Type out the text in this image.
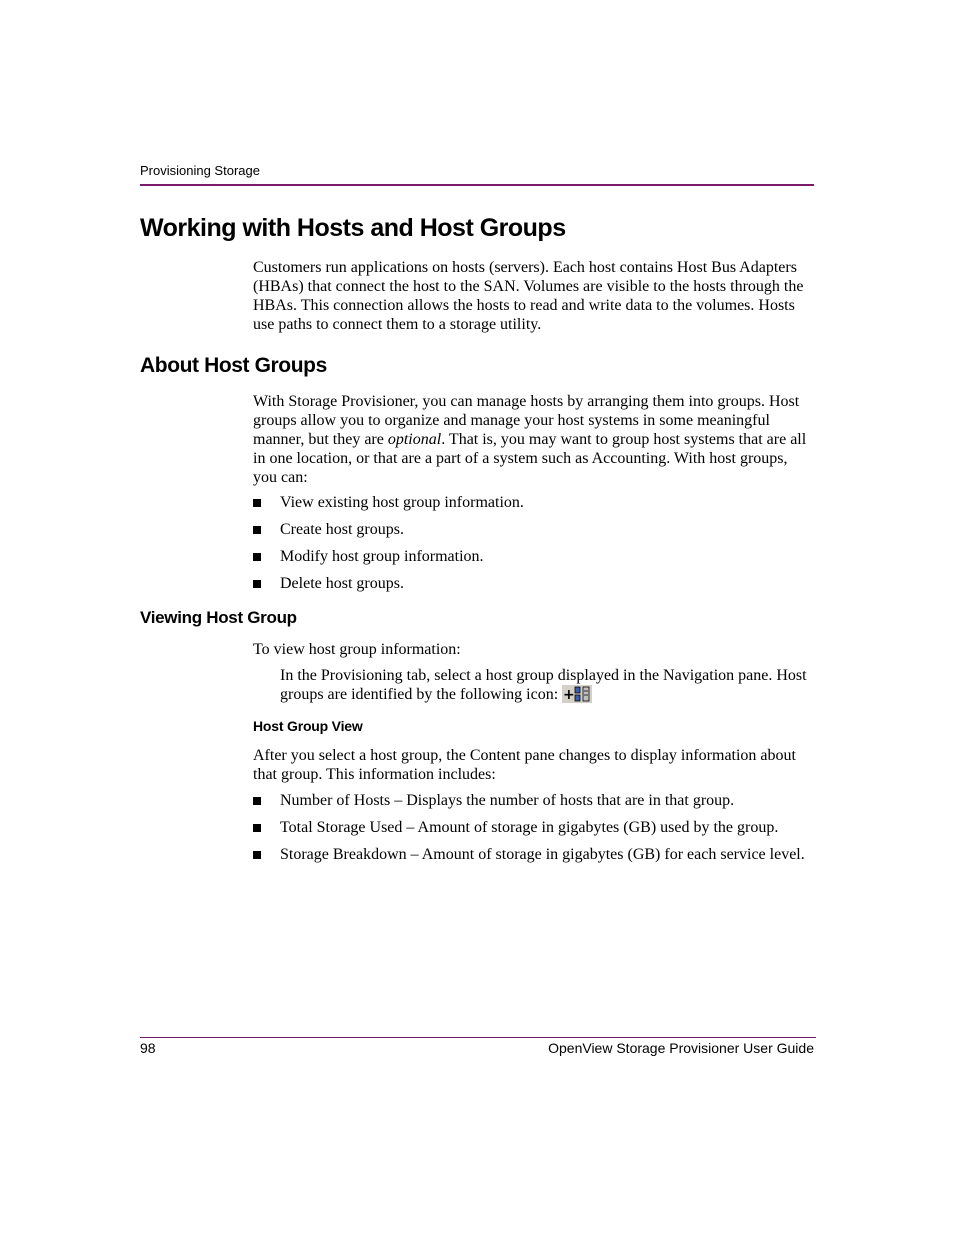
Provisioning Storage
Working with Hosts and Host Groups

Customers run applications on hosts (servers). Each host contains Host Bus Adapters (HBAs) that connect the host to the SAN. Volumes are visible to the hosts through the HBAs. This connection allows the hosts to read and write data to the volumes. Hosts use paths to connect them to a storage utility.

About Host Groups

With Storage Provisioner, you can manage hosts by arranging them into groups. Host groups allow you to organize and manage your host systems in some meaningful manner, but they are optional. That is, you may want to group host systems that are all in one location, or that are a part of a system such as Accounting. With host groups, you can:

View existing host group information.
Create host groups.
Modify host group information.
Delete host groups.
Viewing Host Group

To view host group information:

In the Provisioning tab, select a host group displayed in the Navigation pane. Host groups are identified by the following icon: +

Host Group View

After you select a host group, the Content pane changes to display information about that group. This information includes:

Number of Hosts – Displays the number of hosts that are in that group.
Total Storage Used – Amount of storage in gigabytes (GB) used by the group.
Storage Breakdown – Amount of storage in gigabytes (GB) for each service level.
98	OpenView Storage Provisioner User Guide
